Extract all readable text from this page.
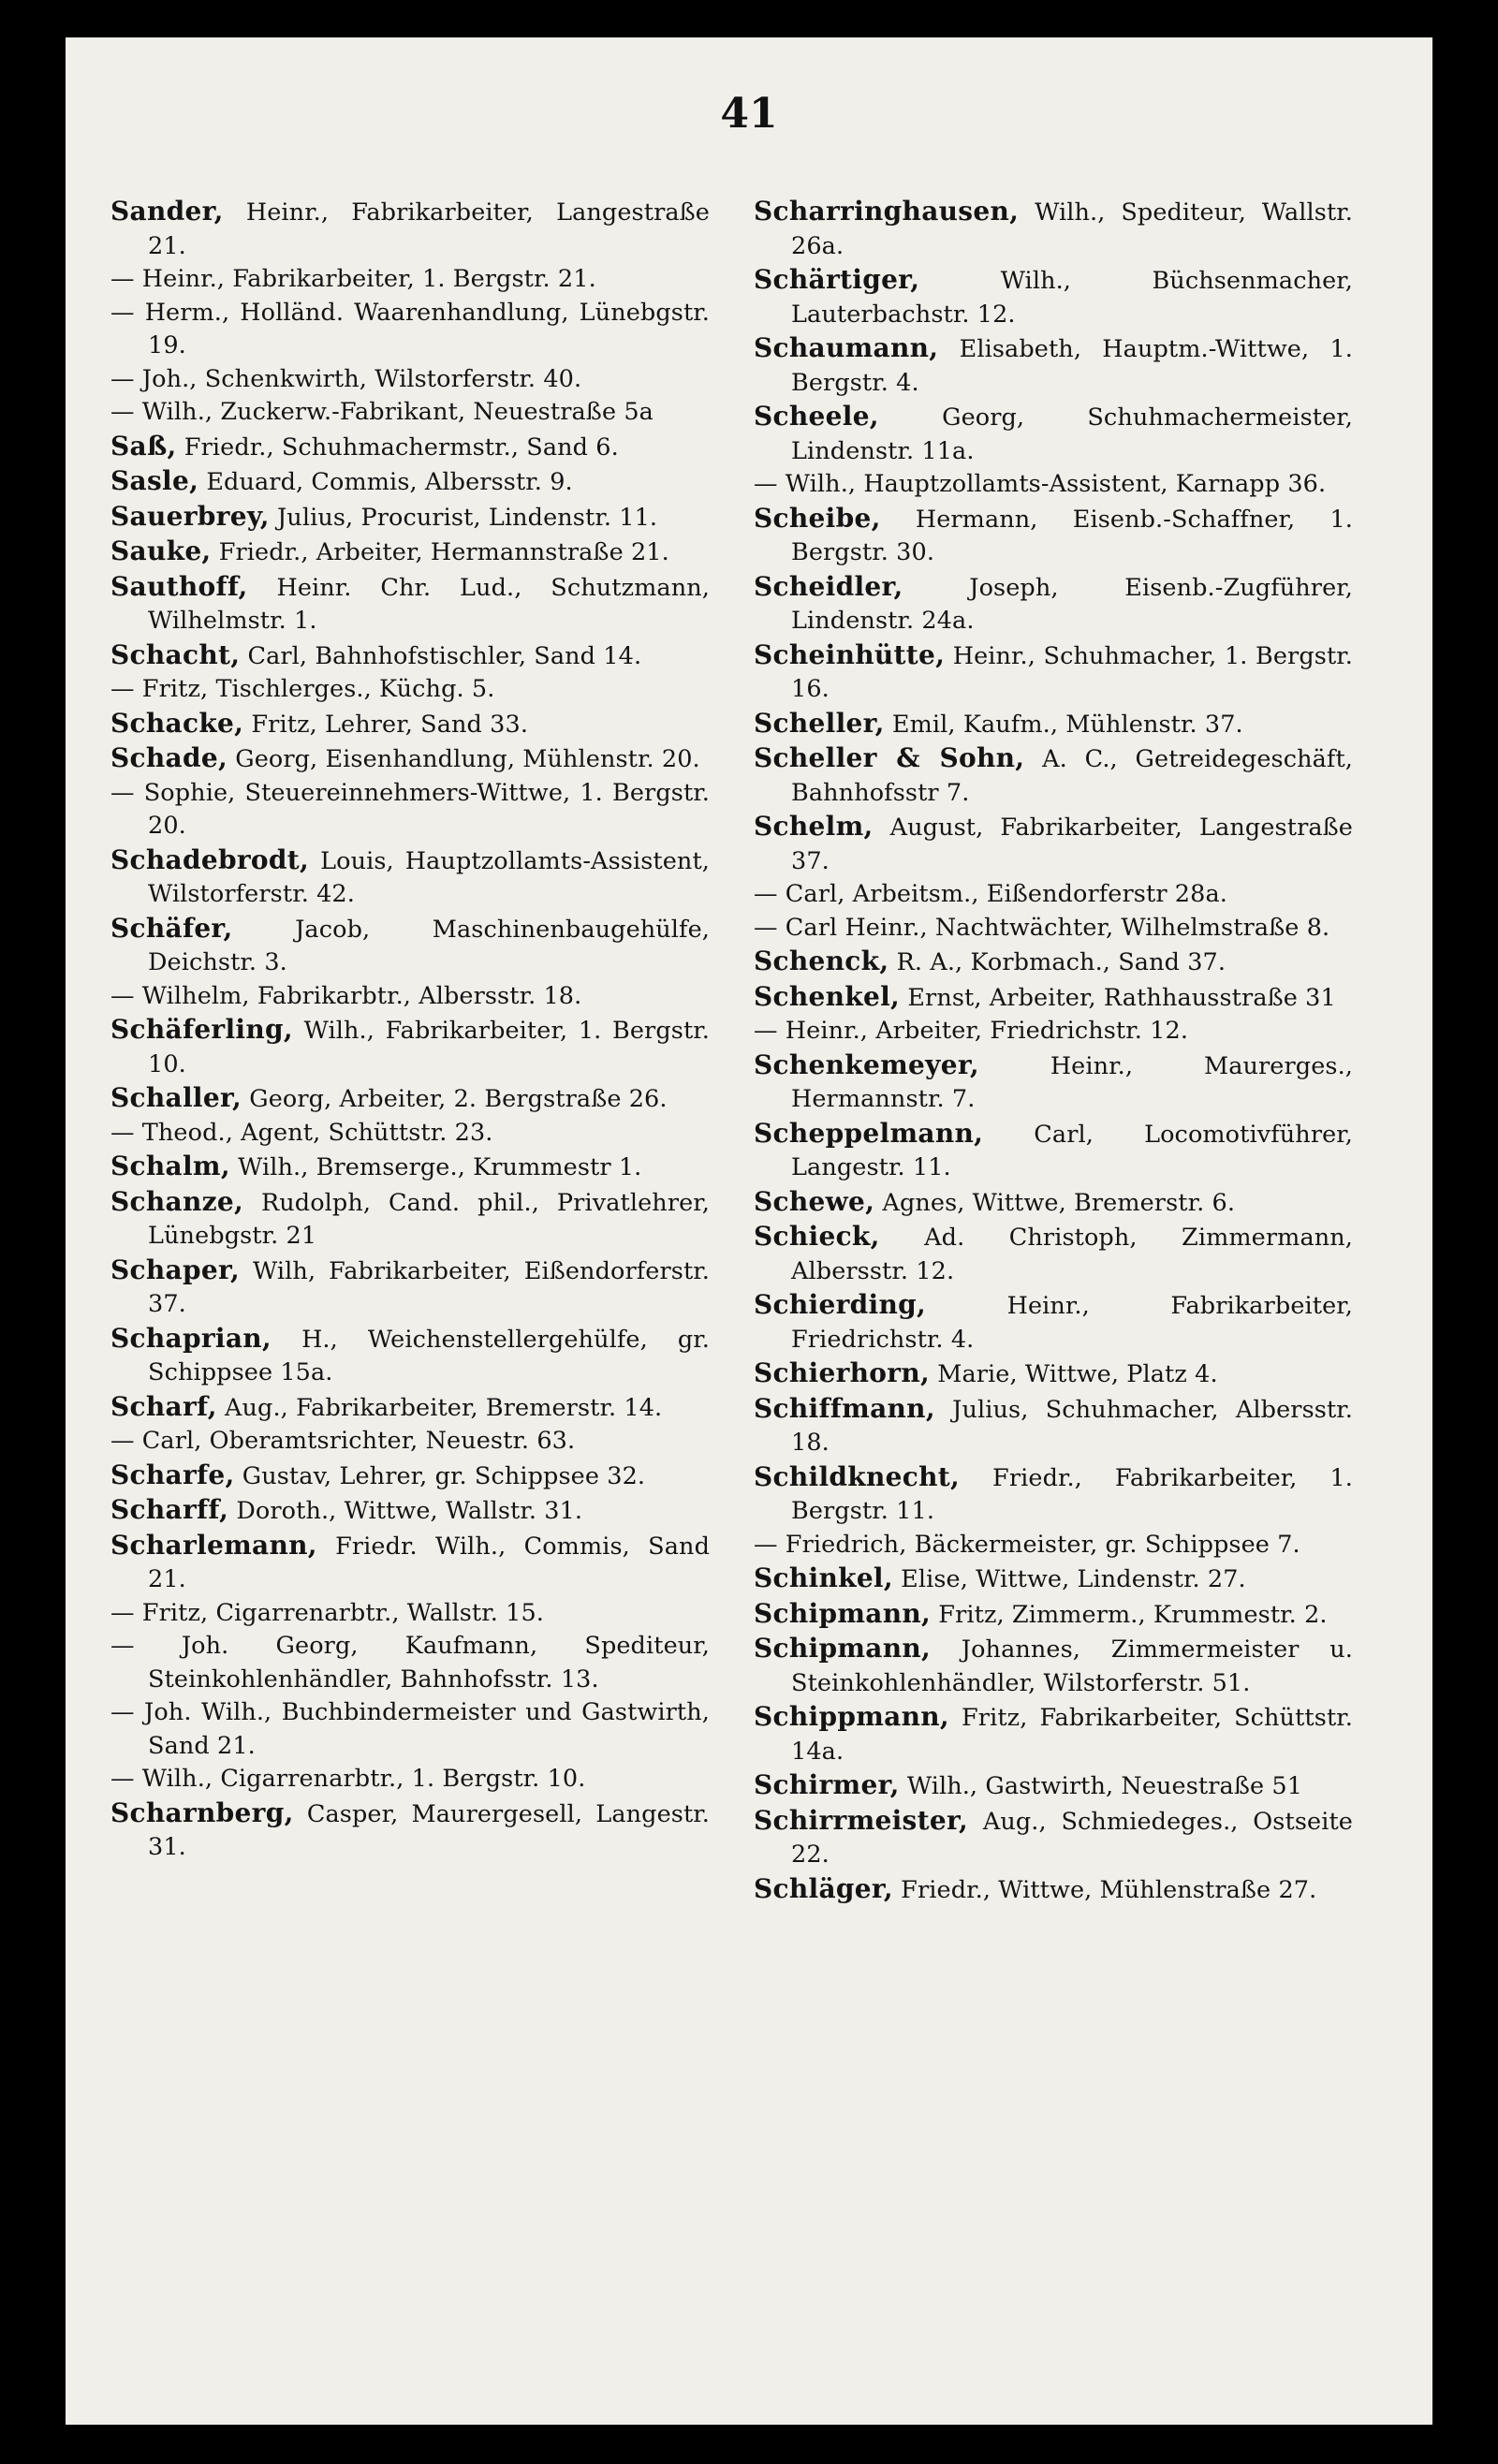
41

Sander, Heinr., Fabrikarbeiter, Langestraße 21.

— Heinr., Fabrikarbeiter, 1. Bergstr. 21.

— Herm., Holländ. Waarenhandlung, Lünebgstr. 19.

— Joh., Schenkwirth, Wilstorferstr. 40.

— Wilh., Zuckerw.-Fabrikant, Neuestraße 5a

Saß, Friedr., Schuhmachermstr., Sand 6.

Sasle, Eduard, Commis, Albersstr. 9.

Sauerbrey, Julius, Procurist, Lindenstr. 11.

Sauke, Friedr., Arbeiter, Hermannstraße 21.

Sauthoff, Heinr. Chr. Lud., Schutzmann, Wilhelmstr. 1.

Schacht, Carl, Bahnhofstischler, Sand 14.

— Fritz, Tischlerges., Küchg. 5.

Schacke, Fritz, Lehrer, Sand 33.

Schade, Georg, Eisenhandlung, Mühlenstr. 20.

— Sophie, Steuereinnehmers-Wittwe, 1. Bergstr. 20.

Schadebrodt, Louis, Hauptzollamts-Assistent, Wilstorferstr. 42.

Schäfer, Jacob, Maschinenbaugehülfe, Deichstr. 3.

— Wilhelm, Fabrikarbtr., Albersstr. 18.

Schäferling, Wilh., Fabrikarbeiter, 1. Bergstr. 10.

Schaller, Georg, Arbeiter, 2. Bergstraße 26.

— Theod., Agent, Schüttstr. 23.

Schalm, Wilh., Bremserge., Krummestr 1.

Schanze, Rudolph, Cand. phil., Privatlehrer, Lünebgstr. 21

Schaper, Wilh, Fabrikarbeiter, Eißendorferstr. 37.

Schaprian, H., Weichenstellergehülfe, gr. Schippsee 15a.

Scharf, Aug., Fabrikarbeiter, Bremerstr. 14.

— Carl, Oberamtsrichter, Neuestr. 63.

Scharfe, Gustav, Lehrer, gr. Schippsee 32.

Scharff, Doroth., Wittwe, Wallstr. 31.

Scharlemann, Friedr. Wilh., Commis, Sand 21.

— Fritz, Cigarrenarbtr., Wallstr. 15.

— Joh. Georg, Kaufmann, Spediteur, Steinkohlenhändler, Bahnhofsstr. 13.

— Joh. Wilh., Buchbindermeister und Gastwirth, Sand 21.

— Wilh., Cigarrenarbtr., 1. Bergstr. 10.

Scharnberg, Casper, Maurergesell, Langestr. 31.

Scharringhausen, Wilh., Spediteur, Wallstr. 26a.

Schärtiger, Wilh., Büchsenmacher, Lauterbachstr. 12.

Schaumann, Elisabeth, Hauptm.-Wittwe, 1. Bergstr. 4.

Scheele, Georg, Schuhmachermeister, Lindenstr. 11a.

— Wilh., Hauptzollamts-Assistent, Karnapp 36.

Scheibe, Hermann, Eisenb.-Schaffner, 1. Bergstr. 30.

Scheidler, Joseph, Eisenb.-Zugführer, Lindenstr. 24a.

Scheinhütte, Heinr., Schuhmacher, 1. Bergstr. 16.

Scheller, Emil, Kaufm., Mühlenstr. 37.

Scheller & Sohn, A. C., Getreidegeschäft, Bahnhofsstr 7.

Schelm, August, Fabrikarbeiter, Langestraße 37.

— Carl, Arbeitsm., Eißendorferstr 28a.

— Carl Heinr., Nachtwächter, Wilhelmstraße 8.

Schenck, R. A., Korbmach., Sand 37.

Schenkel, Ernst, Arbeiter, Rathhausstraße 31

— Heinr., Arbeiter, Friedrichstr. 12.

Schenkemeyer, Heinr., Maurerges., Hermannstr. 7.

Scheppelmann, Carl, Locomotivführer, Langestr. 11.

Schewe, Agnes, Wittwe, Bremerstr. 6.

Schieck, Ad. Christoph, Zimmermann, Albersstr. 12.

Schierding, Heinr., Fabrikarbeiter, Friedrichstr. 4.

Schierhorn, Marie, Wittwe, Platz 4.

Schiffmann, Julius, Schuhmacher, Albersstr. 18.

Schildknecht, Friedr., Fabrikarbeiter, 1. Bergstr. 11.

— Friedrich, Bäckermeister, gr. Schippsee 7.

Schinkel, Elise, Wittwe, Lindenstr. 27.

Schipmann, Fritz, Zimmerm., Krummestr. 2.

Schipmann, Johannes, Zimmermeister u. Steinkohlenhändler, Wilstorferstr. 51.

Schippmann, Fritz, Fabrikarbeiter, Schüttstr. 14a.

Schirmer, Wilh., Gastwirth, Neuestraße 51

Schirrmeister, Aug., Schmiedeges., Ostseite 22.

Schläger, Friedr., Wittwe, Mühlenstraße 27.
